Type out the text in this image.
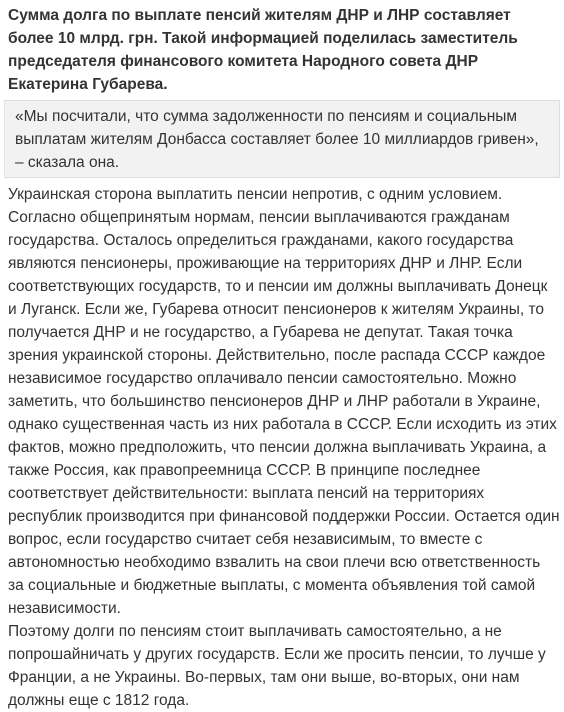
Сумма долга по выплате пенсий жителям ДНР и ЛНР составляет более 10 млрд. грн. Такой информацией поделилась заместитель председателя финансового комитета Народного совета ДНР Екатерина Губарева.
«Мы посчитали, что сумма задолженности по пенсиям и социальным выплатам жителям Донбасса составляет более 10 миллиардов гривен», – сказала она.

Украинская сторона выплатить пенсии непротив, с одним условием. Согласно общепринятым нормам, пенсии выплачиваются гражданам государства. Осталось определиться гражданами, какого государства являются пенсионеры, проживающие на территориях ДНР и ЛНР. Если соответствующих государств, то и пенсии им должны выплачивать Донецк и Луганск. Если же, Губарева относит пенсионеров к жителям Украины, то получается ДНР и не государство, а Губарева не депутат. Такая точка зрения украинской стороны. Действительно, после распада СССР каждое независимое государство оплачивало пенсии самостоятельно. Можно заметить, что большинство пенсионеров ДНР и ЛНР работали в Украине, однако существенная часть из них работала в СССР. Если исходить из этих фактов, можно предположить, что пенсии должна выплачивать Украина, а также Россия, как правопреемница СССР. В принципе последнее соответствует действительности: выплата пенсий на территориях республик производится при финансовой поддержки России. Остается один вопрос, если государство считает себя независимым, то вместе с автономностью необходимо взвалить на свои плечи всю ответственность за социальные и бюджетные выплаты, с момента объявления той самой независимости.

Поэтому долги по пенсиям стоит выплачивать самостоятельно, а не попрошайничать у других государств. Если же просить пенсии, то лучше у Франции, а не Украины. Во-первых, там они выше, во-вторых, они нам должны еще с 1812 года.
